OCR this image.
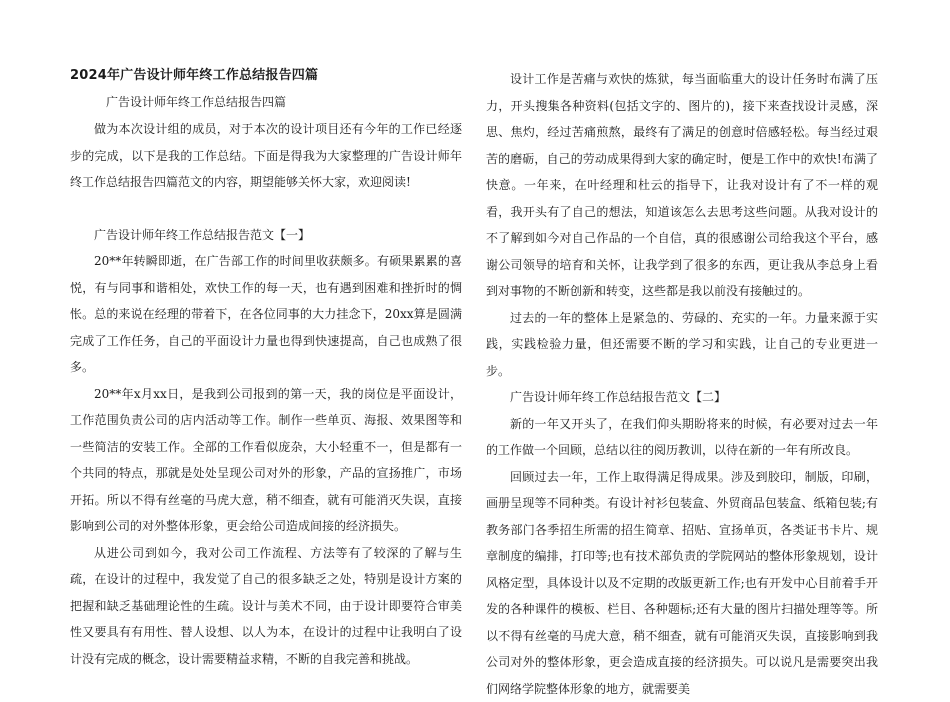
2024年广告设计师年终工作总结报告四篇
广告设计师年终工作总结报告四篇

做为本次设计组的成员，对于本次的设计项目还有今年的工作已经逐步的完成，以下是我的工作总结。下面是得我为大家整理的广告设计师年终工作总结报告四篇范文的内容，期望能够关怀大家，欢迎阅读!

广告设计师年终工作总结报告范文【一】

20**年转瞬即逝，在广告部工作的时间里收获颇多。有硕果累累的喜悦，有与同事和谐相处，欢快工作的每一天，也有遇到困难和挫折时的惆怅。总的来说在经理的带着下，在各位同事的大力挂念下，20xx算是圆满完成了工作任务，自己的平面设计力量也得到快速提高，自己也成熟了很多。

20**年x月xx日，是我到公司报到的第一天，我的岗位是平面设计，工作范围负责公司的店内活动等工作。制作一些单页、海报、效果图等和一些简洁的安装工作。全部的工作看似庞杂，大小轻重不一，但是都有一个共同的特点，那就是处处呈现公司对外的形象，产品的宣扬推广，市场开拓。所以不得有丝毫的马虎大意，稍不细查，就有可能消灭失误，直接影响到公司的对外整体形象，更会给公司造成间接的经济损失。

从进公司到如今，我对公司工作流程、方法等有了较深的了解与生疏，在设计的过程中，我发觉了自己的很多缺乏之处，特别是设计方案的把握和缺乏基础理论性的生疏。设计与美术不同，由于设计即要符合审美性又要具有有用性、替人设想、以人为本，在设计的过程中让我明白了设计没有完成的概念，设计需要精益求精，不断的自我完善和挑战。

设计工作是苦痛与欢快的炼狱，每当面临重大的设计任务时布满了压力，开头搜集各种资料(包括文字的、图片的)，接下来查找设计灵感，深思、焦灼，经过苦痛煎熬，最终有了满足的创意时倍感轻松。每当经过艰苦的磨砺，自己的劳动成果得到大家的确定时，便是工作中的欢快!布满了快意。一年来，在叶经理和杜云的指导下，让我对设计有了不一样的观看，我开头有了自己的想法，知道该怎么去思考这些问题。从我对设计的不了解到如今对自己作品的一个自信，真的很感谢公司给我这个平台，感谢公司领导的培育和关怀，让我学到了很多的东西，更让我从李总身上看到对事物的不断创新和转变，这些都是我以前没有接触过的。

过去的一年的整体上是紧急的、劳碌的、充实的一年。力量来源于实践，实践检验力量，但还需要不断的学习和实践，让自己的专业更进一步。

广告设计师年终工作总结报告范文【二】

新的一年又开头了，在我们仰头期盼将来的时候，有必要对过去一年的工作做一个回顾，总结以往的阅历教训，以待在新的一年有所改良。

回顾过去一年，工作上取得满足得成果。涉及到胶印，制版，印刷，画册呈现等不同种类。有设计衬衫包装盒、外贸商品包装盒、纸箱包装;有教务部门各季招生所需的招生简章、招贴、宣扬单页，各类证书卡片、规章制度的编排，打印等;也有技术部负责的学院网站的整体形象规划，设计风格定型，具体设计以及不定期的改版更新工作;也有开发中心目前着手开发的各种课件的模板、栏目、各种题标;还有大量的图片扫描处理等等。所以不得有丝毫的马虎大意，稍不细查，就有可能消灭失误，直接影响到我公司对外的整体形象，更会造成直接的经济损失。可以说凡是需要突出我们网络学院整体形象的地方，就需要美
